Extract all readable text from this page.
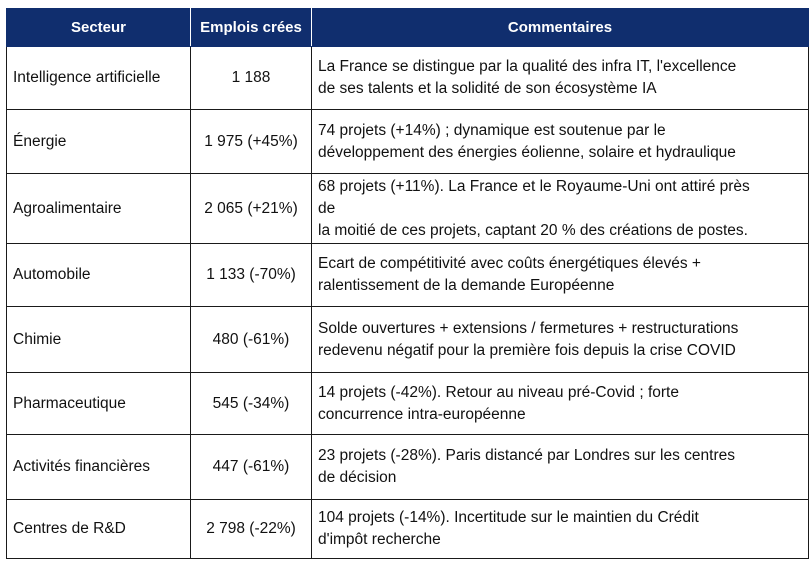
Secteur	Emplois crées	Commentaires
Intelligence artificielle	1 188	La France se distingue par la qualité des infra IT, l'excellence
de ses talents et la solidité de son écosystème IA

Énergie	1 975 (+45%)	74 projets (+14%) ; dynamique est soutenue par le
développement des énergies éolienne, solaire et hydraulique

Agroalimentaire	2 065 (+21%)	68 projets (+11%). La France et le Royaume-Uni ont attiré près
de
la moitié de ces projets, captant 20 % des créations de postes.

Automobile	1 133 (-70%)	Ecart de compétitivité avec coûts énergétiques élevés +
ralentissement de la demande Européenne

Chimie	480 (-61%)	Solde ouvertures + extensions / fermetures + restructurations
redevenu négatif pour la première fois depuis la crise COVID

Pharmaceutique	545 (-34%)	14 projets (-42%). Retour au niveau pré-Covid ; forte
concurrence intra-européenne

Activités financières	447 (-61%)	23 projets (-28%). Paris distancé par Londres sur les centres
de décision

Centres de R&D	2 798 (-22%)	104 projets (-14%). Incertitude sur le maintien du Crédit
d'impôt recherche
